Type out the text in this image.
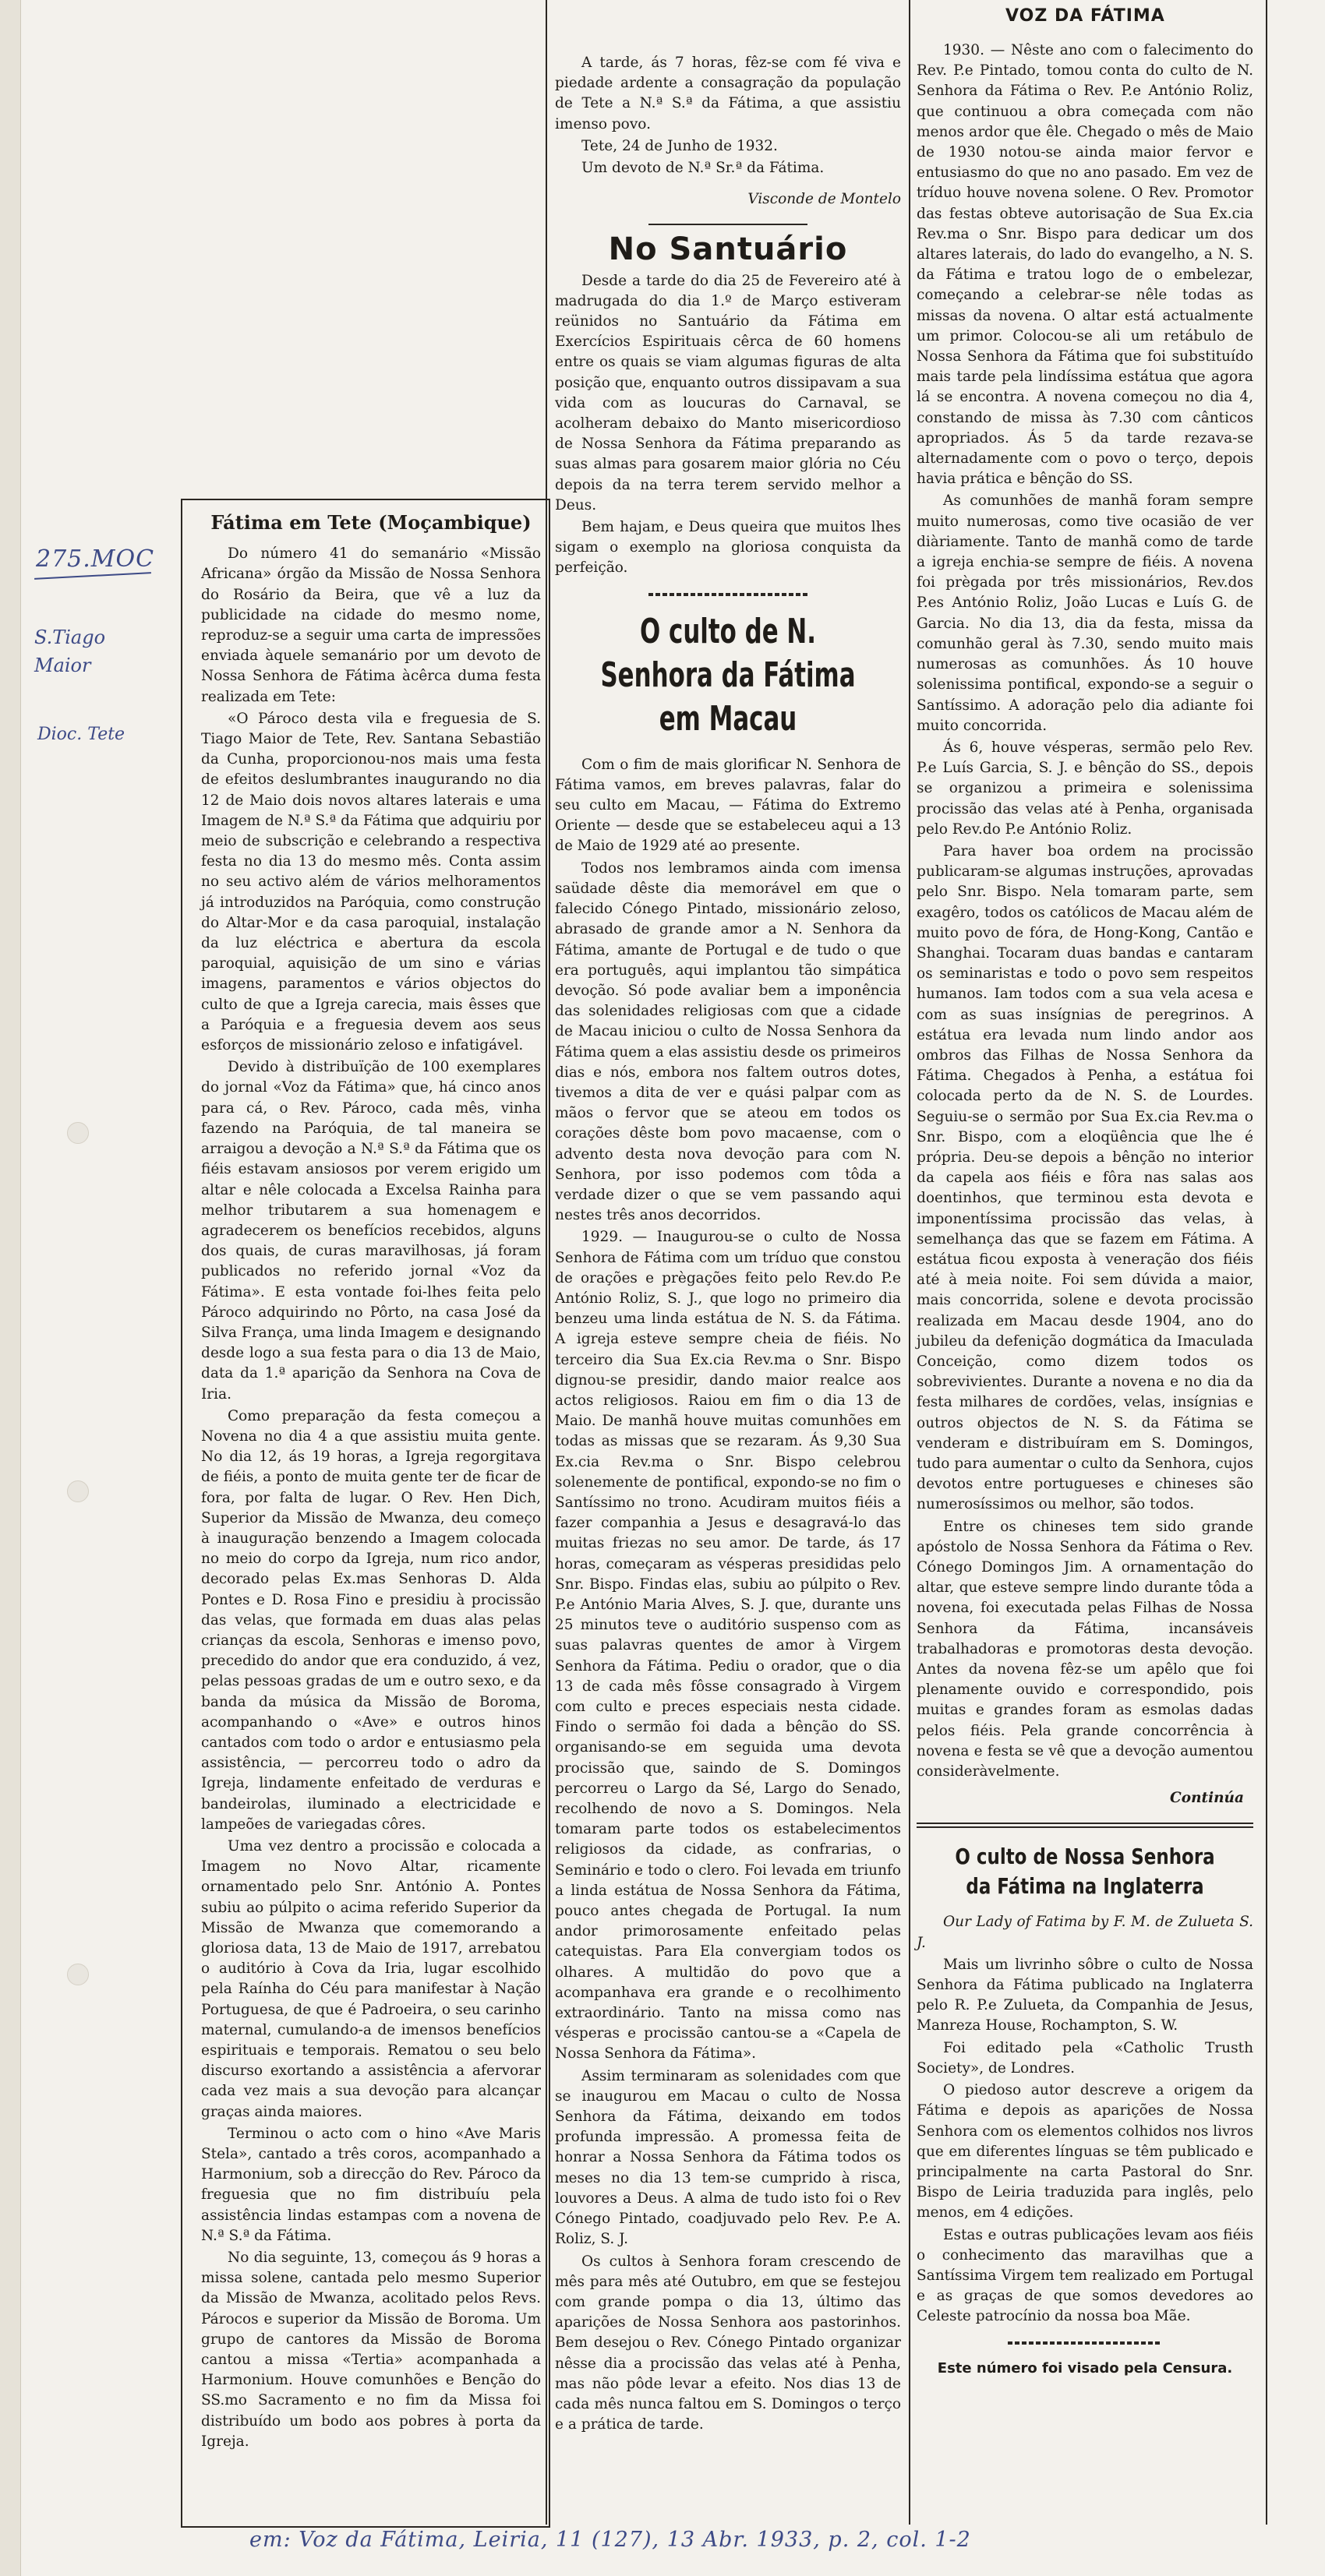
275.MOC
S.Tiago Maior
Dioc. Tete
em: Voz da Fátima, Leiria, 11 (127), 13 Abr. 1933, p. 2, col. 1-2
VOZ DA FÁTIMA
Fátima em Tete (Moçambique)

Do número 41 do semanário «Missão Africana» órgão da Missão de Nossa Senhora do Rosário da Beira, que vê a luz da publicidade na cidade do mesmo nome, reproduz-se a seguir uma carta de impressões enviada àquele semanário por um devoto de Nossa Senhora de Fátima àcêrca duma festa realizada em Tete:

«O Pároco desta vila e freguesia de S. Tiago Maior de Tete, Rev. Santana Sebastião da Cunha, proporcionou-nos mais uma festa de efeitos deslumbrantes inaugurando no dia 12 de Maio dois novos altares laterais e uma Imagem de N.ª S.ª da Fátima que adquiriu por meio de subscrição e celebrando a respectiva festa no dia 13 do mesmo mês. Conta assim no seu activo além de vários melhoramentos já introduzidos na Paróquia, como construção do Altar-Mor e da casa paroquial, instalação da luz eléctrica e abertura da escola paroquial, aquisição de um sino e várias imagens, paramentos e vários objectos do culto de que a Igreja carecia, mais êsses que a Paróquia e a freguesia devem aos seus esforços de missionário zeloso e infatigável.

Devido à distribuïção de 100 exemplares do jornal «Voz da Fátima» que, há cinco anos para cá, o Rev. Pároco, cada mês, vinha fazendo na Paróquia, de tal maneira se arraigou a devoção a N.ª S.ª da Fátima que os fiéis estavam ansiosos por verem erigido um altar e nêle colocada a Excelsa Rainha para melhor tributarem a sua homenagem e agradecerem os benefícios recebidos, alguns dos quais, de curas maravilhosas, já foram publicados no referido jornal «Voz da Fátima». E esta vontade foi-lhes feita pelo Pároco adquirindo no Pôrto, na casa José da Silva França, uma linda Imagem e designando desde logo a sua festa para o dia 13 de Maio, data da 1.ª aparição da Senhora na Cova de Iria.

Como preparação da festa começou a Novena no dia 4 a que assistiu muita gente. No dia 12, ás 19 horas, a Igreja regorgitava de fiéis, a ponto de muita gente ter de ficar de fora, por falta de lugar. O Rev. Hen Dich, Superior da Missão de Mwanza, deu começo à inauguração benzendo a Imagem colocada no meio do corpo da Igreja, num rico andor, decorado pelas Ex.mas Senhoras D. Alda Pontes e D. Rosa Fino e presidiu à procissão das velas, que formada em duas alas pelas crianças da escola, Senhoras e imenso povo, precedido do andor que era conduzido, á vez, pelas pessoas gradas de um e outro sexo, e da banda da música da Missão de Boroma, acompanhando o «Ave» e outros hinos cantados com todo o ardor e entusiasmo pela assistência, — percorreu todo o adro da Igreja, lindamente enfeitado de verduras e bandeirolas, iluminado a electricidade e lampeões de variegadas côres.

Uma vez dentro a procissão e colocada a Imagem no Novo Altar, ricamente ornamentado pelo Snr. António A. Pontes subiu ao púlpito o acima referido Superior da Missão de Mwanza que comemorando a gloriosa data, 13 de Maio de 1917, arrebatou o auditório à Cova da Iria, lugar escolhido pela Raínha do Céu para manifestar à Nação Portuguesa, de que é Padroeira, o seu carinho maternal, cumulando-a de imensos benefícios espirituais e temporais. Rematou o seu belo discurso exortando a assistência a afervorar cada vez mais a sua devoção para alcançar graças ainda maiores.

Terminou o acto com o hino «Ave Maris Stela», cantado a três coros, acompanhado a Harmonium, sob a direcção do Rev. Pároco da freguesia que no fim distribuíu pela assistência lindas estampas com a novena de N.ª S.ª da Fátima.

No dia seguinte, 13, começou ás 9 horas a missa solene, cantada pelo mesmo Superior da Missão de Mwanza, acolitado pelos Revs. Párocos e superior da Missão de Boroma. Um grupo de cantores da Missão de Boroma cantou a missa «Tertia» acompanhada a Harmonium. Houve comunhões e Benção do SS.mo Sacramento e no fim da Missa foi distribuído um bodo aos pobres à porta da Igreja.

A tarde, ás 7 horas, fêz-se com fé viva e piedade ardente a consagração da população de Tete a N.ª S.ª da Fátima, a que assistiu imenso povo.

Tete, 24 de Junho de 1932.

Um devoto de N.ª Sr.ª da Fátima.

Visconde de Montelo
No Santuário

Desde a tarde do dia 25 de Fevereiro até à madrugada do dia 1.º de Março estiveram reünidos no Santuário da Fátima em Exercícios Espirituais cêrca de 60 homens entre os quais se viam algumas figuras de alta posição que, enquanto outros dissipavam a sua vida com as loucuras do Carnaval, se acolheram debaixo do Manto misericordioso de Nossa Senhora da Fátima preparando as suas almas para gosarem maior glória no Céu depois da na terra terem servido melhor a Deus.

Bem hajam, e Deus queira que muitos lhes sigam o exemplo na gloriosa conquista da perfeição.

O culto de N. Senhora da Fátima em Macau

Com o fim de mais glorificar N. Senhora de Fátima vamos, em breves palavras, falar do seu culto em Macau, — Fátima do Extremo Oriente — desde que se estabeleceu aqui a 13 de Maio de 1929 até ao presente.

Todos nos lembramos ainda com imensa saüdade dêste dia memorável em que o falecido Cónego Pintado, missionário zeloso, abrasado de grande amor a N. Senhora da Fátima, amante de Portugal e de tudo o que era português, aqui implantou tão simpática devoção. Só pode avaliar bem a imponência das solenidades religiosas com que a cidade de Macau iniciou o culto de Nossa Senhora da Fátima quem a elas assistiu desde os primeiros dias e nós, embora nos faltem outros dotes, tivemos a dita de ver e quási palpar com as mãos o fervor que se ateou em todos os corações dêste bom povo macaense, com o advento desta nova devoção para com N. Senhora, por isso podemos com tôda a verdade dizer o que se vem passando aqui nestes três anos decorridos.

1929. — Inaugurou-se o culto de Nossa Senhora de Fátima com um tríduo que constou de orações e prègações feito pelo Rev.do P.e António Roliz, S. J., que logo no primeiro dia benzeu uma linda estátua de N. S. da Fátima. A igreja esteve sempre cheia de fiéis. No terceiro dia Sua Ex.cia Rev.ma o Snr. Bispo dignou-se presidir, dando maior realce aos actos religiosos. Raiou em fim o dia 13 de Maio. De manhã houve muitas comunhões em todas as missas que se rezaram. Ás 9,30 Sua Ex.cia Rev.ma o Snr. Bispo celebrou solenemente de pontifical, expondo-se no fim o Santíssimo no trono. Acudiram muitos fiéis a fazer companhia a Jesus e desagravá-lo das muitas friezas no seu amor. De tarde, ás 17 horas, começaram as vésperas presididas pelo Snr. Bispo. Findas elas, subiu ao púlpito o Rev. P.e António Maria Alves, S. J. que, durante uns 25 minutos teve o auditório suspenso com as suas palavras quentes de amor à Virgem Senhora da Fátima. Pediu o orador, que o dia 13 de cada mês fôsse consagrado à Virgem com culto e preces especiais nesta cidade. Findo o sermão foi dada a bênção do SS. organisando-se em seguida uma devota procissão que, saindo de S. Domingos percorreu o Largo da Sé, Largo do Senado, recolhendo de novo a S. Domingos. Nela tomaram parte todos os estabelecimentos religiosos da cidade, as confrarias, o Seminário e todo o clero. Foi levada em triunfo a linda estátua de Nossa Senhora da Fátima, pouco antes chegada de Portugal. Ia num andor primorosamente enfeitado pelas catequistas. Para Ela convergiam todos os olhares. A multidão do povo que a acompanhava era grande e o recolhimento extraordinário. Tanto na missa como nas vésperas e procissão cantou-se a «Capela de Nossa Senhora da Fátima».

Assim terminaram as solenidades com que se inaugurou em Macau o culto de Nossa Senhora da Fátima, deixando em todos profunda impressão. A promessa feita de honrar a Nossa Senhora da Fátima todos os meses no dia 13 tem-se cumprido à risca, louvores a Deus. A alma de tudo isto foi o Rev Cónego Pintado, coadjuvado pelo Rev. P.e A. Roliz, S. J.

Os cultos à Senhora foram crescendo de mês para mês até Outubro, em que se festejou com grande pompa o dia 13, último das aparições de Nossa Senhora aos pastorinhos. Bem desejou o Rev. Cónego Pintado organizar nêsse dia a procissão das velas até à Penha, mas não pôde levar a efeito. Nos dias 13 de cada mês nunca faltou em S. Domingos o terço e a prática de tarde.

1930. — Nêste ano com o falecimento do Rev. P.e Pintado, tomou conta do culto de N. Senhora da Fátima o Rev. P.e António Roliz, que continuou a obra começada com não menos ardor que êle. Chegado o mês de Maio de 1930 notou-se ainda maior fervor e entusiasmo do que no ano pasado. Em vez de tríduo houve novena solene. O Rev. Promotor das festas obteve autorisação de Sua Ex.cia Rev.ma o Snr. Bispo para dedicar um dos altares laterais, do lado do evangelho, a N. S. da Fátima e tratou logo de o embelezar, começando a celebrar-se nêle todas as missas da novena. O altar está actualmente um primor. Colocou-se ali um retábulo de Nossa Senhora da Fátima que foi substituído mais tarde pela lindíssima estátua que agora lá se encontra. A novena começou no dia 4, constando de missa às 7.30 com cânticos apropriados. Ás 5 da tarde rezava-se alternadamente com o povo o terço, depois havia prática e bênção do SS.

As comunhões de manhã foram sempre muito numerosas, como tive ocasião de ver diàriamente. Tanto de manhã como de tarde a igreja enchia-se sempre de fiéis. A novena foi prègada por três missionários, Rev.dos P.es António Roliz, João Lucas e Luís G. de Garcia. No dia 13, dia da festa, missa da comunhão geral às 7.30, sendo muito mais numerosas as comunhões. Ás 10 houve solenissima pontifical, expondo-se a seguir o Santíssimo. A adoração pelo dia adiante foi muito concorrida.

Ás 6, houve vésperas, sermão pelo Rev. P.e Luís Garcia, S. J. e bênção do SS., depois se organizou a primeira e solenissima procissão das velas até à Penha, organisada pelo Rev.do P.e António Roliz.

Para haver boa ordem na procissão publicaram-se algumas instruções, aprovadas pelo Snr. Bispo. Nela tomaram parte, sem exagêro, todos os católicos de Macau além de muito povo de fóra, de Hong-Kong, Cantão e Shanghai. Tocaram duas bandas e cantaram os seminaristas e todo o povo sem respeitos humanos. Iam todos com a sua vela acesa e com as suas insígnias de peregrinos. A estátua era levada num lindo andor aos ombros das Filhas de Nossa Senhora da Fátima. Chegados à Penha, a estátua foi colocada perto da de N. S. de Lourdes. Seguiu-se o sermão por Sua Ex.cia Rev.ma o Snr. Bispo, com a eloqüência que lhe é própria. Deu-se depois a bênção no interior da capela aos fiéis e fôra nas salas aos doentinhos, que terminou esta devota e imponentíssima procissão das velas, à semelhança das que se fazem em Fátima. A estátua ficou exposta à veneração dos fiéis até à meia noite. Foi sem dúvida a maior, mais concorrida, solene e devota procissão realizada em Macau desde 1904, ano do jubileu da defenição dogmática da Imaculada Conceição, como dizem todos os sobrevivientes. Durante a novena e no dia da festa milhares de cordões, velas, insígnias e outros objectos de N. S. da Fátima se venderam e distribuíram em S. Domingos, tudo para aumentar o culto da Senhora, cujos devotos entre portugueses e chineses são numerosíssimos ou melhor, são todos.

Entre os chineses tem sido grande apóstolo de Nossa Senhora da Fátima o Rev. Cónego Domingos Jim. A ornamentação do altar, que esteve sempre lindo durante tôda a novena, foi executada pelas Filhas de Nossa Senhora da Fátima, incansáveis trabalhadoras e promotoras desta devoção. Antes da novena fêz-se um apêlo que foi plenamente ouvido e correspondido, pois muitas e grandes foram as esmolas dadas pelos fiéis. Pela grande concorrência à novena e festa se vê que a devoção aumentou consideràvelmente.

Continúa
O culto de Nossa Senhora da Fátima na Inglaterra

Our Lady of Fatima by F. M. de Zulueta S. J.

Mais um livrinho sôbre o culto de Nossa Senhora da Fátima publicado na Inglaterra pelo R. P.e Zulueta, da Companhia de Jesus, Manreza House, Rochampton, S. W.

Foi editado pela «Catholic Trusth Society», de Londres.

O piedoso autor descreve a origem da Fátima e depois as aparições de Nossa Senhora com os elementos colhidos nos livros que em diferentes línguas se têm publicado e principalmente na carta Pastoral do Snr. Bispo de Leiria traduzida para inglês, pelo menos, em 4 edições.

Estas e outras publicações levam aos fiéis o conhecimento das maravilhas que a Santíssima Virgem tem realizado em Portugal e as graças de que somos devedores ao Celeste patrocínio da nossa boa Mãe.

Este número foi visado pela Censura.
